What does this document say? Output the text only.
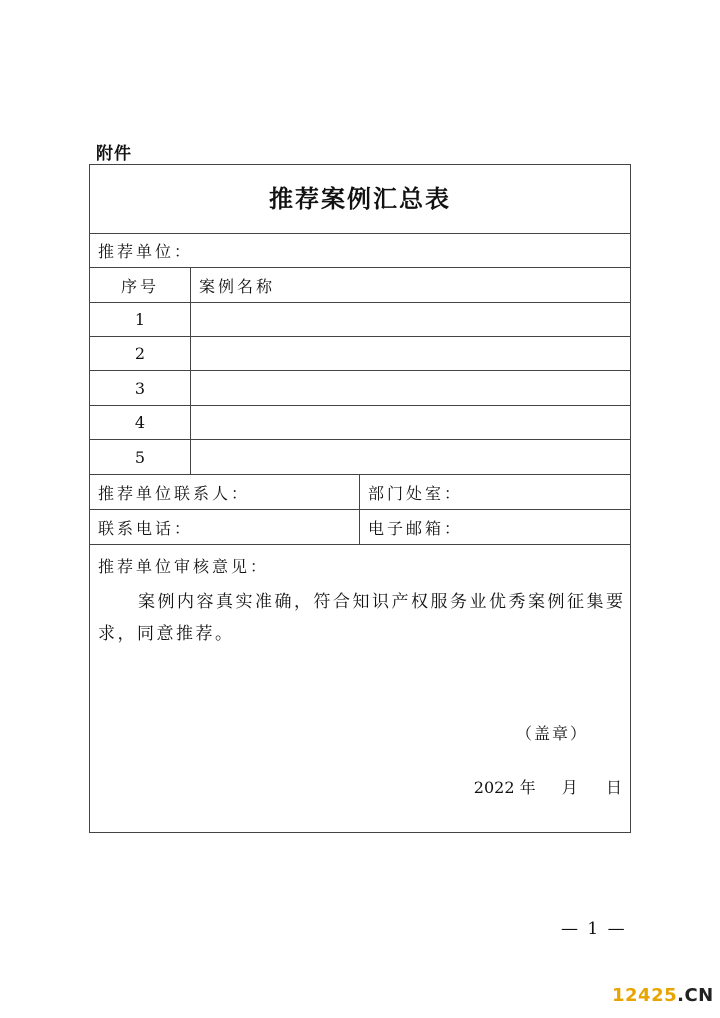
附件
推荐案例汇总表
推荐单位：
序号	案例名称
1
2
3
4
5
推荐单位联系人：	部门处室：
联系电话：	电子邮箱：
推荐单位审核意见：
案例内容真实准确，符合知识产权服务业优秀案例征集要求，同意推荐。
（盖章）
2022 年 月 日
— 1 —
12425.CN
